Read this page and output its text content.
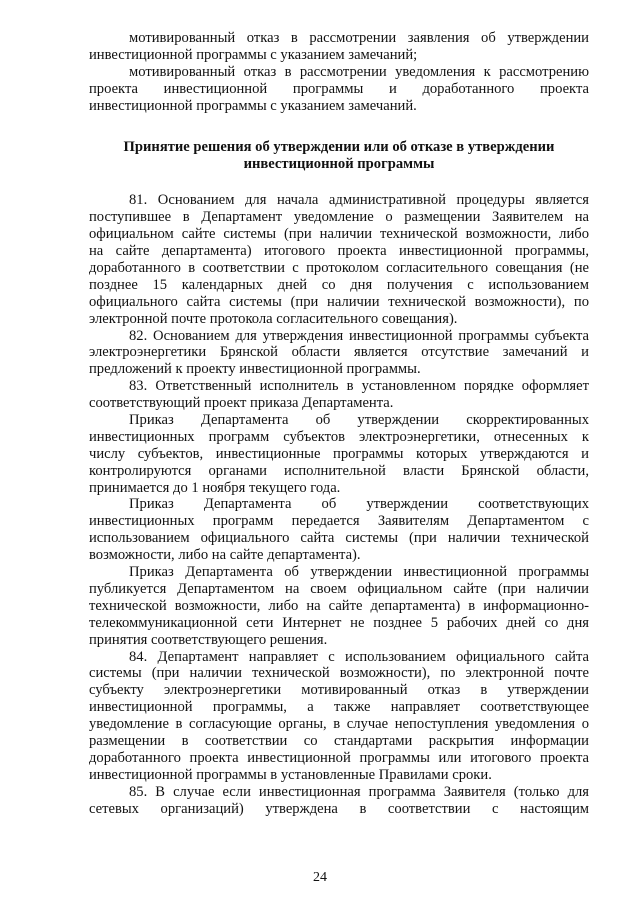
мотивированный отказ в рассмотрении заявления об утверждении
инвестиционной программы с указанием замечаний;
мотивированный отказ в рассмотрении уведомления к рассмотрению
проекта инвестиционной программы и доработанного проекта
инвестиционной программы с указанием замечаний.
Принятие решения об утверждении или об отказе в утверждении
инвестиционной программы
81. Основанием для начала административной процедуры является
поступившее в Департамент уведомление о размещении Заявителем на
официальном сайте системы (при наличии технической возможности, либо
на сайте департамента) итогового проекта инвестиционной программы,
доработанного в соответствии с протоколом согласительного совещания (не
позднее 15 календарных дней со дня получения с использованием
официального сайта системы (при наличии технической возможности), по
электронной почте протокола согласительного совещания).
82. Основанием для утверждения инвестиционной программы субъекта
электроэнергетики Брянской области является отсутствие замечаний и
предложений к проекту инвестиционной программы.
83. Ответственный исполнитель в установленном порядке оформляет
соответствующий проект приказа Департамента.
Приказ Департамента об утверждении скорректированных
инвестиционных программ субъектов электроэнергетики, отнесенных к
числу субъектов, инвестиционные программы которых утверждаются и
контролируются органами исполнительной власти Брянской области,
принимается до 1 ноября текущего года.
Приказ Департамента об утверждении соответствующих
инвестиционных программ передается Заявителям Департаментом с
использованием официального сайта системы (при наличии технической
возможности, либо на сайте департамента).
Приказ Департамента об утверждении инвестиционной программы
публикуется Департаментом на своем официальном сайте (при наличии
технической возможности, либо на сайте департамента) в информационно-
телекоммуникационной сети Интернет не позднее 5 рабочих дней со дня
принятия соответствующего решения.
84. Департамент направляет с использованием официального сайта
системы (при наличии технической возможности), по электронной почте
субъекту электроэнергетики мотивированный отказ в утверждении
инвестиционной программы, а также направляет соответствующее
уведомление в согласующие органы, в случае непоступления уведомления о
размещении в соответствии со стандартами раскрытия информации
доработанного проекта инвестиционной программы или итогового проекта
инвестиционной программы в установленные Правилами сроки.
85. В случае если инвестиционная программа Заявителя (только для
сетевых организаций) утверждена в соответствии с настоящим
24
